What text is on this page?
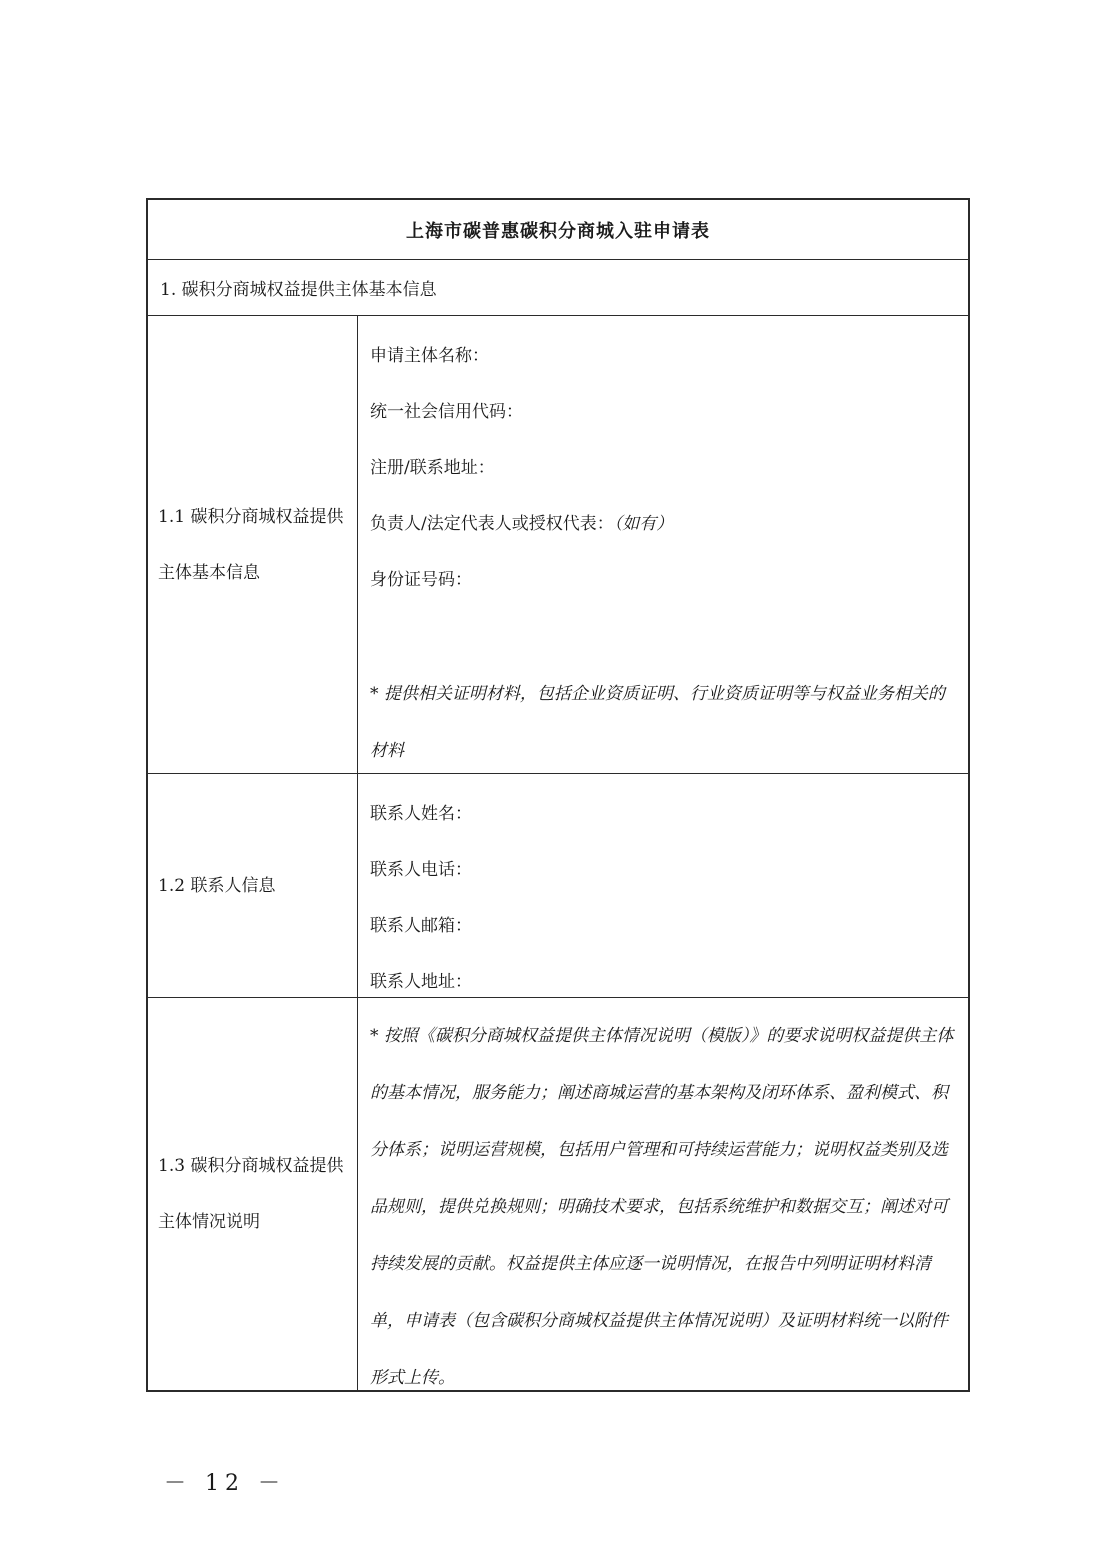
上海市碳普惠碳积分商城入驻申请表
1. 碳积分商城权益提供主体基本信息
1.1 碳积分商城权益提供主体基本信息
申请主体名称：
统一社会信用代码：
注册/联系地址：
负责人/法定代表人或授权代表：（如有）
身份证号码：
* 提供相关证明材料，包括企业资质证明、行业资质证明等与权益业务相关的材料
1.2 联系人信息
联系人姓名：
联系人电话：
联系人邮箱：
联系人地址：
1.3 碳积分商城权益提供主体情况说明
* 按照《碳积分商城权益提供主体情况说明（模版）》的要求说明权益提供主体的基本情况，服务能力；阐述商城运营的基本架构及闭环体系、盈利模式、积分体系；说明运营规模，包括用户管理和可持续运营能力；说明权益类别及选品规则，提供兑换规则；明确技术要求，包括系统维护和数据交互；阐述对可持续发展的贡献。权益提供主体应逐一说明情况，在报告中列明证明材料清单，申请表（包含碳积分商城权益提供主体情况说明）及证明材料统一以附件形式上传。
－ 12 －
